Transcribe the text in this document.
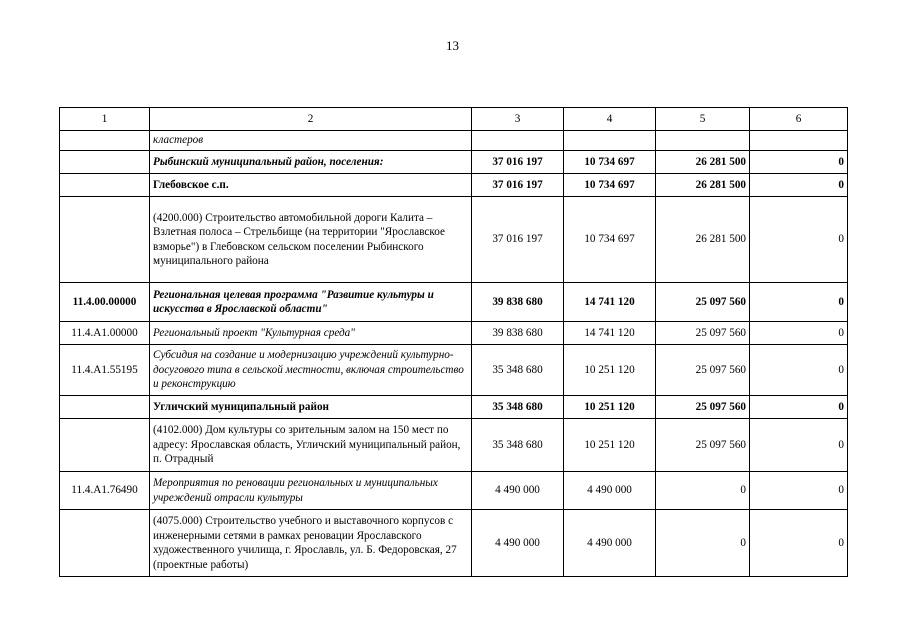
13
1	2	3	4	5	6
	кластеров				
	Рыбинский муниципальный район, поселения:	37 016 197	10 734 697	26 281 500	0
	Глебовское с.п.	37 016 197	10 734 697	26 281 500	0
	(4200.000) Строительство автомобильной дороги Калита – Взлетная полоса – Стрельбище (на территории "Ярославское взморье") в Глебовском сельском поселении Рыбинского муниципального района	37 016 197	10 734 697	26 281 500	0
11.4.00.00000	Региональная целевая программа "Развитие культуры и искусства в Ярославской области"	39 838 680	14 741 120	25 097 560	0
11.4.A1.00000	Региональный проект "Культурная среда"	39 838 680	14 741 120	25 097 560	0
11.4.A1.55195	Субсидия на создание и модернизацию учреждений культурно-досугового типа в сельской местности, включая строительство и реконструкцию	35 348 680	10 251 120	25 097 560	0
	Угличский муниципальный район	35 348 680	10 251 120	25 097 560	0
	(4102.000) Дом культуры со зрительным залом на 150 мест по адресу: Ярославская область, Угличский муниципальный район, п. Отрадный	35 348 680	10 251 120	25 097 560	0
11.4.A1.76490	Мероприятия по реновации региональных и муниципальных учреждений отрасли культуры	4 490 000	4 490 000	0	0
	(4075.000) Строительство учебного и выставочного корпусов с инженерными сетями в рамках реновации Ярославского художественного училища, г. Ярославль, ул. Б. Федоровская, 27 (проектные работы)	4 490 000	4 490 000	0	0
